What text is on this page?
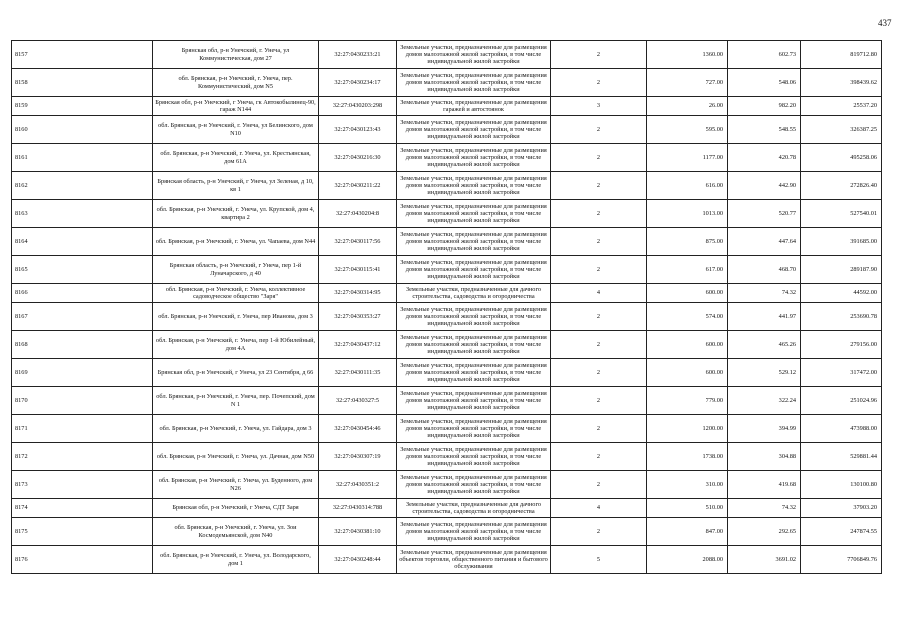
437
8157	Брянская обл, р-н Унечский, г. Унеча, ул Коммунистическая, дом 27	32:27:0430233:21	Земельные участки, предназначенные для размещения домов малоэтажной жилой застройки, в том числе индивидуальной жилой застройки	2	1360.00	602.73	819712.80
8158	обл. Брянская, р-н Унечский, г. Унеча, пер. Коммунистический, дом N5	32:27:0430234:17	Земельные участки, предназначенные для размещения домов малоэтажной жилой застройки, в том числе индивидуальной жилой застройки	2	727.00	548.06	398439.62
8159	Брянская обл, р-н Унечский, г Унеча, гк Автокобылинец-90, гараж N144	32:27:0430203:298	Земельные участки, предназначенные для размещения гаражей и автостоянок	3	26.00	982.20	25537.20
8160	обл. Брянская, р-н Унечский, г. Унеча, ул Белинского, дом N10	32:27:0430123:43	Земельные участки, предназначенные для размещения домов малоэтажной жилой застройки, в том числе индивидуальной жилой застройки	2	595.00	548.55	326387.25
8161	обл. Брянская, р-н Унечский, г. Унеча, ул. Крестьянская, дом 61А	32:27:0430216:30	Земельные участки, предназначенные для размещения домов малоэтажной жилой застройки, в том числе индивидуальной жилой застройки	2	1177.00	420.78	495258.06
8162	Брянская область, р-н Унечский, г Унеча, ул Зеленая, д 10, кв 1	32:27:0430211:22	Земельные участки, предназначенные для размещения домов малоэтажной жилой застройки, в том числе индивидуальной жилой застройки	2	616.00	442.90	272826.40
8163	обл. Брянская, р-н Унечский, г. Унеча, ул. Крупской, дом 4, квартира 2	32:27:0430204:8	Земельные участки, предназначенные для размещения домов малоэтажной жилой застройки, в том числе индивидуальной жилой застройки	2	1013.00	520.77	527540.01
8164	обл. Брянская, р-н Унечский, г. Унеча, ул. Чапаева, дом N44	32:27:0430117:56	Земельные участки, предназначенные для размещения домов малоэтажной жилой застройки, в том числе индивидуальной жилой застройки	2	875.00	447.64	391685.00
8165	Брянская область, р-н Унечский, г Унеча, пер 1-й Луначарского, д 40	32:27:0430115:41	Земельные участки, предназначенные для размещения домов малоэтажной жилой застройки, в том числе индивидуальной жилой застройки	2	617.00	468.70	289187.90
8166	обл. Брянская, р-н Унечский, г. Унеча, коллективное садоводческое общество "Заря"	32:27:0430314:95	Земельные участки, предназначенные для дачного строительства, садоводства и огородничества	4	600.00	74.32	44592.00
8167	обл. Брянская, р-н Унечский, г. Унеча, пер Иванова, дом 3	32:27:0430353:27	Земельные участки, предназначенные для размещения домов малоэтажной жилой застройки, в том числе индивидуальной жилой застройки	2	574.00	441.97	253690.78
8168	обл. Брянская, р-н Унечский, г. Унеча, пер 1-й Юбилейный, дом 4А	32:27:0430437:12	Земельные участки, предназначенные для размещения домов малоэтажной жилой застройки, в том числе индивидуальной жилой застройки	2	600.00	465.26	279156.00
8169	Брянская обл, р-н Унечский, г Унеча, ул 23 Сентября, д 66	32:27:0430111:35	Земельные участки, предназначенные для размещения домов малоэтажной жилой застройки, в том числе индивидуальной жилой застройки	2	600.00	529.12	317472.00
8170	обл. Брянская, р-н Унечский, г. Унеча, пер. Почепский, дом N 1	32:27:0430327:5	Земельные участки, предназначенные для размещения домов малоэтажной жилой застройки, в том числе индивидуальной жилой застройки	2	779.00	322.24	251024.96
8171	обл. Брянская, р-н Унечский, г. Унеча, ул. Гайдара, дом 3	32:27:0430454:46	Земельные участки, предназначенные для размещения домов малоэтажной жилой застройки, в том числе индивидуальной жилой застройки	2	1200.00	394.99	473988.00
8172	обл. Брянская, р-н Унечский, г. Унеча, ул. Дачная, дом N50	32:27:0430307:19	Земельные участки, предназначенные для размещения домов малоэтажной жилой застройки, в том числе индивидуальной жилой застройки	2	1738.00	304.88	529881.44
8173	обл. Брянская, р-н Унечский, г. Унеча, ул. Буденного, дом N26	32:27:0430351:2	Земельные участки, предназначенные для размещения домов малоэтажной жилой застройки, в том числе индивидуальной жилой застройки	2	310.00	419.68	130100.80
8174	Брянская обл, р-н Унечский, г Унеча, СДТ Заря	32:27:0430314:788	Земельные участки, предназначенные для дачного строительства, садоводства и огородничества	4	510.00	74.32	37903.20
8175	обл. Брянская, р-н Унечский, г. Унеча, ул. Зои Космодемьянской, дом N40	32:27:0430381:10	Земельные участки, предназначенные для размещения домов малоэтажной жилой застройки, в том числе индивидуальной жилой застройки	2	847.00	292.65	247874.55
8176	обл. Брянская, р-н Унечский, г. Унеча, ул. Володарского, дом 1	32:27:0430248:44	Земельные участки, предназначенные для размещения объектов торговли, общественного питания и бытового обслуживания	5	2088.00	3691.02	7706849.76
